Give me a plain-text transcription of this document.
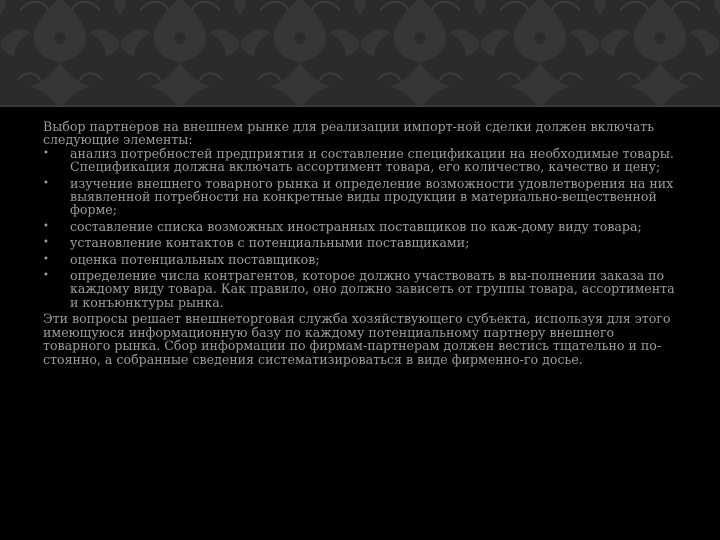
Выбор партнеров на внешнем рынке для реализации импорт-ной сделки должен включать следующие элементы:

• анализ потребностей предприятия и составление спецификации на необходимые товары. Спецификация должна включать ассортимент товара, его количество, качество и цену;
• изучение внешнего товарного рынка и определение возможности удовлетворения на них выявленной потребности на конкретные виды продукции в материально-вещественной форме;
• составление списка возможных иностранных поставщиков по каж-дому виду товара;
• установление контактов с потенциальными поставщиками;
• оценка потенциальных поставщиков;
• определение числа контрагентов, которое должно участвовать в вы-полнении заказа по каждому виду товара. Как правило, оно должно зависеть от группы товара, ассортимента и конъюнктуры рынка.

Эти вопросы решает внешнеторговая служба хозяйствующего субъекта, используя для этого имеющуюся информационную базу по каждому потенциальному партнеру внешнего товарного рынка. Сбор информации по фирмам-партнерам должен вестись тщательно и по-стоянно, а собранные сведения систематизироваться в виде фирменно-го досье.
